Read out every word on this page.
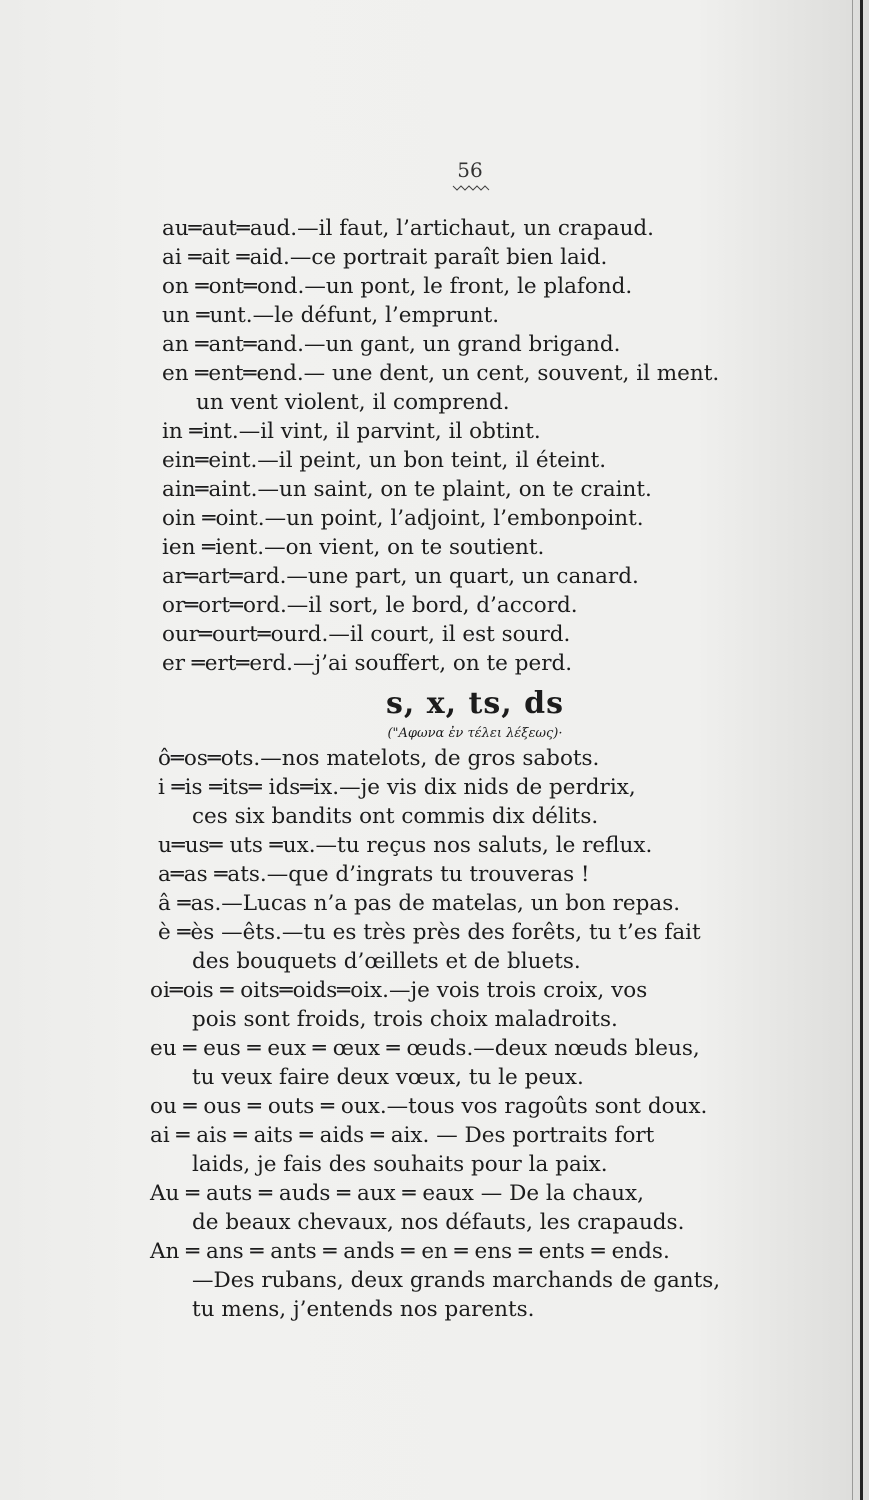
56
au═aut═aud.—il faut, l’artichaut, un crapaud.
ai ═ait ═aid.—ce portrait paraît bien laid.
on ═ont═ond.—un pont, le front, le plafond.
un ═unt.—le défunt, l’emprunt.
an ═ant═and.—un gant, un grand brigand.
en ═ent═end.— une dent, un cent, souvent, il ment.
un vent violent, il comprend.
in ═int.—il vint, il parvint, il obtint.
ein═eint.—il peint, un bon teint, il éteint.
ain═aint.—un saint, on te plaint, on te craint.
oin ═oint.—un point, l’adjoint, l’embonpoint.
ien ═ient.—on vient, on te soutient.
ar═art═ard.—une part, un quart, un canard.
or═ort═ord.—il sort, le bord, d’accord.
our═ourt═ourd.—il court, il est sourd.
er ═ert═erd.—j’ai souffert, on te perd.
s, x, ts, ds
("Αφωνα ἐν τέλει λέξεως)·
ô═os═ots.—nos matelots, de gros sabots.
i ═is ═its═ ids═ix.—je vis dix nids de perdrix,
ces six bandits ont commis dix délits.
u═us═ uts ═ux.—tu reçus nos saluts, le reflux.
a═as ═ats.—que d’ingrats tu trouveras !
â ═as.—Lucas n’a pas de matelas, un bon repas.
è ═ès —êts.—tu es très près des forêts, tu t’es fait
des bouquets d’œillets et de bluets.
oi═ois ═ oits═oids═oix.—je vois trois croix, vos
pois sont froids, trois choix maladroits.
eu ═ eus ═ eux ═ œux ═ œuds.—deux nœuds bleus,
tu veux faire deux vœux, tu le peux.
ou ═ ous ═ outs ═ oux.—tous vos ragoûts sont doux.
ai ═ ais ═ aits ═ aids ═ aix. — Des portraits fort
laids, je fais des souhaits pour la paix.
Au ═ auts ═ auds ═ aux ═ eaux — De la chaux,
de beaux chevaux, nos défauts, les crapauds.
An ═ ans ═ ants ═ ands ═ en ═ ens ═ ents ═ ends.
—Des rubans, deux grands marchands de gants,
tu mens, j’entends nos parents.
